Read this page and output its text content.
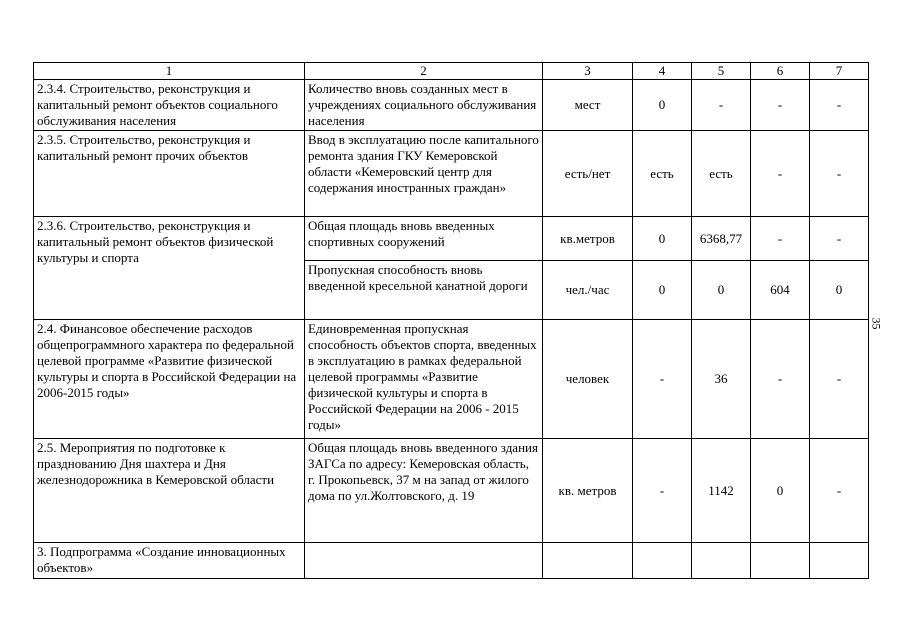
1	2	3	4	5	6	7
2.3.4. Строительство, реконструкция и капитальный ремонт объектов социального обслуживания населения	Количество вновь созданных мест в учреждениях социального обслуживания населения	мест	0	-	-	-
2.3.5. Строительство, реконструкция и капитальный ремонт прочих объектов	Ввод в эксплуатацию после капитального ремонта здания ГКУ Кемеровской области «Кемеровский центр для содержания иностранных граждан»	есть/нет	есть	есть	-	-
2.3.6. Строительство, реконструкция и капитальный ремонт объектов физической культуры и спорта	Общая площадь вновь введенных спортивных сооружений	кв.метров	0	6368,77	-	-
	Пропускная способность вновь введенной кресельной канатной дороги	чел./час	0	0	604	0
2.4. Финансовое обеспечение расходов общепрограммного характера по федеральной целевой программе «Развитие физической культуры и спорта в Российской Федерации на 2006-2015 годы»	Единовременная пропускная способность объектов спорта, введенных в эксплуатацию в рамках федеральной целевой программы «Развитие физической культуры и спорта в Российской Федерации на 2006 - 2015 годы»	человек	-	36	-	-
2.5. Мероприятия по подготовке к празднованию Дня шахтера и Дня железнодорожника в Кемеровской области	Общая площадь вновь введенного здания ЗАГСа по адресу: Кемеровская область, г. Прокопьевск, 37 м на запад от жилого дома по ул.Жолтовского, д. 19	кв. метров	-	1142	0	-
3. Подпрограмма «Создание инновационных объектов»						
35
